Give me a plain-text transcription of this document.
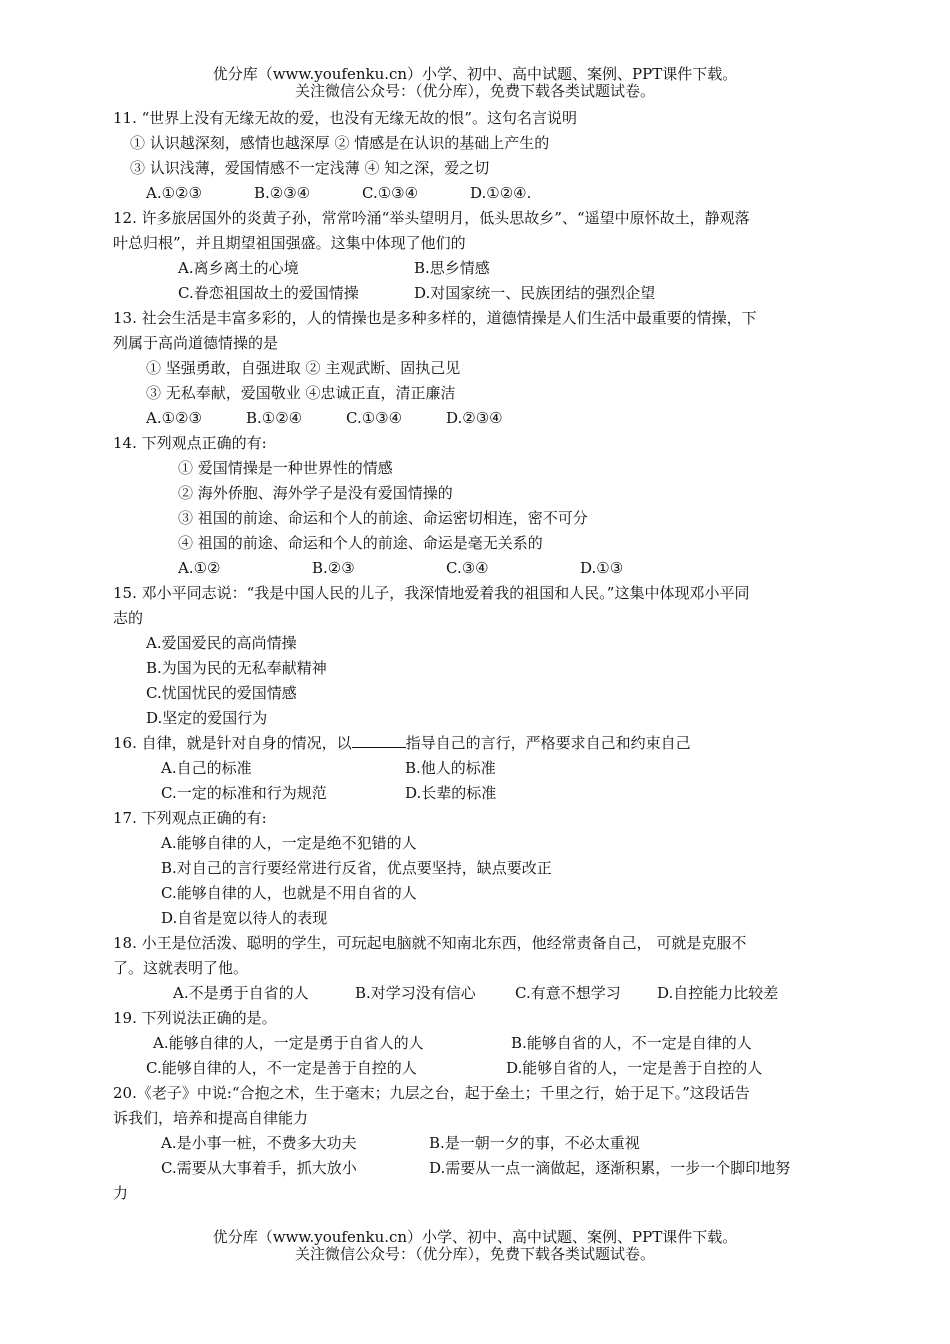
优分库（www.youfenku.cn）小学、初中、高中试题、案例、PPT课件下载。
关注微信公众号：（优分库），免费下载各类试题试卷。
11. “世界上没有无缘无故的爱，也没有无缘无故的恨”。这句名言说明
① 认识越深刻，感情也越深厚 ② 情感是在认识的基础上产生的
③ 认识浅薄，爱国情感不一定浅薄 ④ 知之深，爱之切
A.①②③	B.②③④	C.①③④	D.①②④.
12. 许多旅居国外的炎黄子孙，常常吟涌“举头望明月，低头思故乡”、“遥望中原怀故土，静观落
叶总归根”，并且期望祖国强盛。这集中体现了他们的
A.离乡离土的心境	B.思乡情感
C.眷恋祖国故土的爱国情操	D.对国家统一、民族团结的强烈企望
13. 社会生活是丰富多彩的，人的情操也是多种多样的，道德情操是人们生活中最重要的情操，下
列属于高尚道德情操的是
① 坚强勇敢，自强进取 ② 主观武断、固执己见
③ 无私奉献，爱国敬业 ④忠诚正直，清正廉洁
A.①②③	B.①②④	C.①③④	D.②③④
14. 下列观点正确的有:
① 爱国情操是一种世界性的情感
② 海外侨胞、海外学子是没有爱国情操的
③ 祖国的前途、命运和个人的前途、命运密切相连，密不可分
④ 祖国的前途、命运和个人的前途、命运是毫无关系的
A.①②	B.②③	C.③④	D.①③
15. 邓小平同志说：“我是中国人民的儿子，我深情地爱着我的祖国和人民。”这集中体现邓小平同
志的
A.爱国爱民的高尚情操
B.为国为民的无私奉献精神
C.忧国忧民的爱国情感
D.坚定的爱国行为
16. 自律，就是针对自身的情况，以	指导自己的言行，严格要求自己和约束自己
A.自己的标准	B.他人的标准
C.一定的标准和行为规范	D.长辈的标准
17. 下列观点正确的有:
A.能够自律的人，一定是绝不犯错的人
B.对自己的言行要经常进行反省，优点要坚持，缺点要改正
C.能够自律的人，也就是不用自省的人
D.自省是宽以待人的表现
18. 小王是位活泼、聪明的学生，可玩起电脑就不知南北东西，他经常责备自己， 可就是克服不
了。这就表明了他。
A.不是勇于自省的人	B.对学习没有信心	C.有意不想学习 D.自控能力比较差
19. 下列说法正确的是。
A.能够自律的人，一定是勇于自省人的人	B.能够自省的人，不一定是自律的人
C.能够自律的人，不一定是善于自控的人	D.能够自省的人，一定是善于自控的人
20.《老子》中说:“合抱之术，生于毫末；九层之台，起于垒土；千里之行，始于足下。”这段话告
诉我们，培养和提高自律能力
A.是小事一桩，不费多大功夫	B.是一朝一夕的事，不必太重视
C.需要从大事着手，抓大放小	D.需要从一点一滴做起，逐渐积累，一步一个脚印地努
力
优分库（www.youfenku.cn）小学、初中、高中试题、案例、PPT课件下载。
关注微信公众号：（优分库），免费下载各类试题试卷。
